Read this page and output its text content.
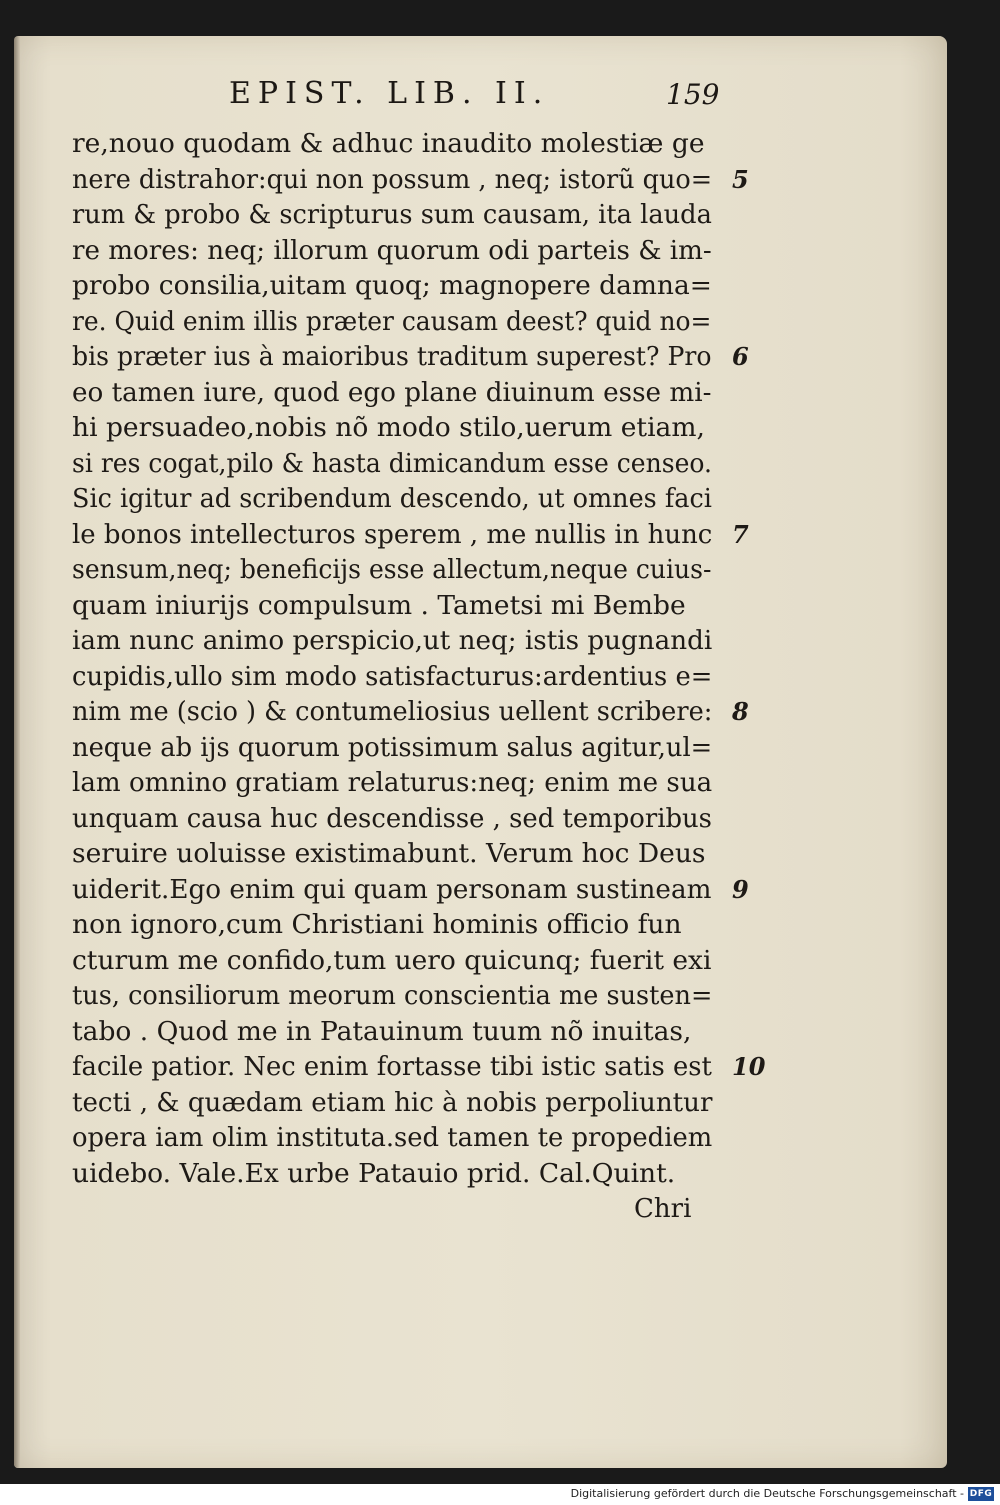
EPIST. LIB. II.	159
re,nouo quodam & adhuc inaudito molestiæ ge
nere distrahor:qui non possum , neq; istorũ quo= 5
rum & probo & scripturus sum causam, ita lauda
re mores: neq; illorum quorum odi parteis & im-
probo consilia,uitam quoq; magnopere damna=
re. Quid enim illis præter causam deest? quid no=
bis præter ius à maioribus traditum superest? Pro 6
eo tamen iure, quod ego plane diuinum esse mi-
hi persuadeo,nobis nõ modo stilo,uerum etiam,
si res cogat,pilo & hasta dimicandum esse censeo.
Sic igitur ad scribendum descendo, ut omnes faci
le bonos intellecturos sperem , me nullis in hunc 7
sensum,neq; beneficijs esse allectum,neque cuius-
quam iniurijs compulsum . Tametsi mi Bembe
iam nunc animo perspicio,ut neq; istis pugnandi
cupidis,ullo sim modo satisfacturus:ardentius e=
nim me (scio ) & contumeliosius uellent scribere: 8
neque ab ijs quorum potissimum salus agitur,ul=
lam omnino gratiam relaturus:neq; enim me sua
unquam causa huc descendisse , sed temporibus
seruire uoluisse existimabunt. Verum hoc Deus
uiderit.Ego enim qui quam personam sustineam 9
non ignoro,cum Christiani hominis officio fun
cturum me confido,tum uero quicunq; fuerit exi
tus, consiliorum meorum conscientia me susten=
tabo . Quod me in Patauinum tuum nõ inuitas,
facile patior. Nec enim fortasse tibi istic satis est 10
tecti , & quædam etiam hic à nobis perpoliuntur
opera iam olim instituta.sed tamen te propediem
uidebo. Vale.Ex urbe Patauio prid. Cal.Quint.
Chri
Digitalisierung gefördert durch die Deutsche Forschungsgemeinschaft - DFG
